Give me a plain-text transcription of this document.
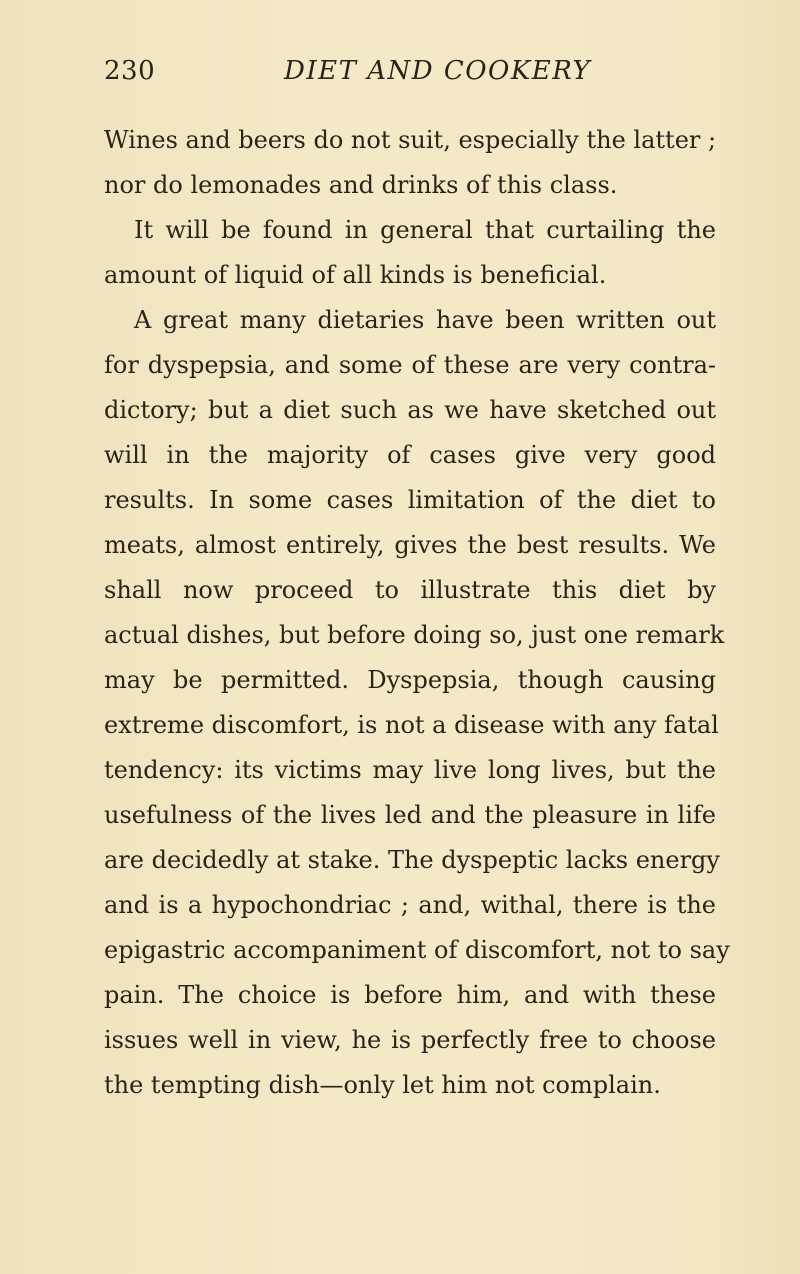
230	DIET AND COOKERY
Wines and beers do not suit, especially the latter ;
nor do lemonades and drinks of this class.
It will be found in general that curtailing the
amount of liquid of all kinds is beneficial.
A great many dietaries have been written out
for dyspepsia, and some of these are very contra-
dictory; but a diet such as we have sketched out
will in the majority of cases give very good
results. In some cases limitation of the diet to
meats, almost entirely, gives the best results. We
shall now proceed to illustrate this diet by
actual dishes, but before doing so, just one remark
may be permitted. Dyspepsia, though causing
extreme discomfort, is not a disease with any fatal
tendency: its victims may live long lives, but the
usefulness of the lives led and the pleasure in life
are decidedly at stake. The dyspeptic lacks energy
and is a hypochondriac ; and, withal, there is the
epigastric accompaniment of discomfort, not to say
pain. The choice is before him, and with these
issues well in view, he is perfectly free to choose
the tempting dish—only let him not complain.
